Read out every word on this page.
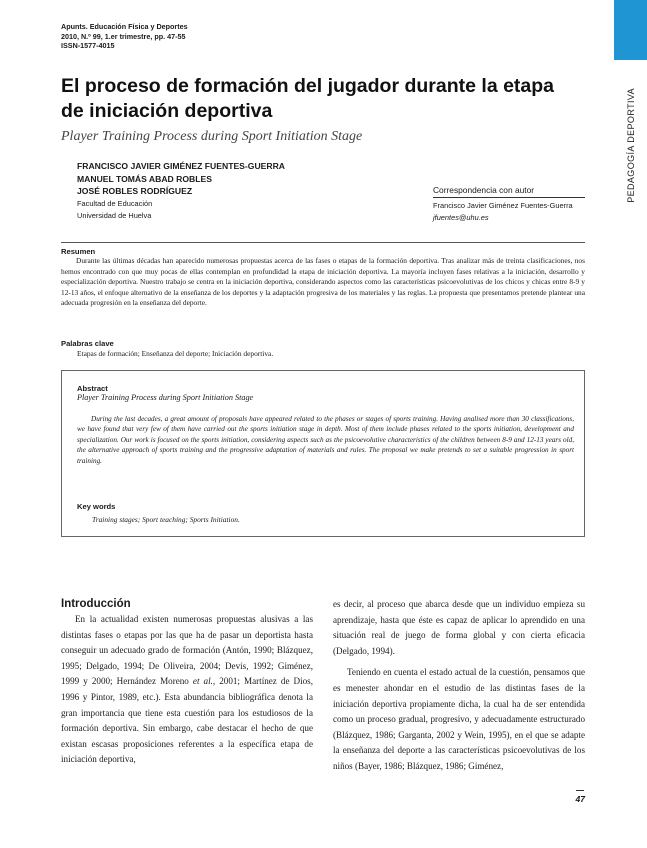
Apunts. Educación Física y Deportes
2010, N.º 99, 1.er trimestre, pp. 47-55
ISSN-1577-4015
PEDAGOGÍA DEPORTIVA
El proceso de formación del jugador durante la etapa de iniciación deportiva
Player Training Process during Sport Initiation Stage
FRANCISCO JAVIER GIMÉNEZ FUENTES-GUERRA
MANUEL TOMÁS ABAD ROBLES
JOSÉ ROBLES RODRÍGUEZ
Facultad de Educación
Universidad de Huelva
Correspondencia con autor
Francisco Javier Giménez Fuentes-Guerra
jfuentes@uhu.es
Resumen
Durante las últimas décadas han aparecido numerosas propuestas acerca de las fases o etapas de la formación deportiva. Tras analizar más de treinta clasificaciones, nos hemos encontrado con que muy pocas de ellas contemplan en profundidad la etapa de iniciación deportiva. La mayoría incluyen fases relativas a la iniciación, desarrollo y especialización deportiva. Nuestro trabajo se centra en la iniciación deportiva, considerando aspectos como las características psicoevolutivas de los chicos y chicas entre 8-9 y 12-13 años, el enfoque alternativo de la enseñanza de los deportes y la adaptación progresiva de los materiales y las reglas. La propuesta que presentamos pretende plantear una adecuada progresión en la enseñanza del deporte.
Palabras clave
Etapas de formación; Enseñanza del deporte; Iniciación deportiva.
Abstract
Player Training Process during Sport Initiation Stage
During the last decades, a great amount of proposals have appeared related to the phases or stages of sports training. Having analised more than 30 classifications, we have found that very few of them have carried out the sports initiation stage in depth. Most of them include phases related to the sports initiation, development and specialization. Our work is focused on the sports initiation, considering aspects such as the psicoevolutive characteristics of the children between 8-9 and 12-13 years old, the alternative approach of sports training and the progressive adaptation of materials and rules. The proposal we make pretends to set a suitable progression in sport training.
Key words
Training stages; Sport teaching; Sports Initiation.
Introducción

En la actualidad existen numerosas propuestas alusivas a las distintas fases o etapas por las que ha de pasar un deportista hasta conseguir un adecuado grado de formación (Antón, 1990; Blázquez, 1995; Delgado, 1994; De Oliveira, 2004; Devís, 1992; Giménez, 1999 y 2000; Hernández Moreno et al., 2001; Martínez de Dios, 1996 y Pintor, 1989, etc.). Esta abundancia bibliográfica denota la gran importancia que tiene esta cuestión para los estudiosos de la formación deportiva. Sin embargo, cabe destacar el hecho de que existan escasas proposiciones referentes a la específica etapa de iniciación deportiva,

es decir, al proceso que abarca desde que un individuo empieza su aprendizaje, hasta que éste es capaz de aplicar lo aprendido en una situación real de juego de forma global y con cierta eficacia (Delgado, 1994).

Teniendo en cuenta el estado actual de la cuestión, pensamos que es menester ahondar en el estudio de las distintas fases de la iniciación deportiva propiamente dicha, la cual ha de ser entendida como un proceso gradual, progresivo, y adecuadamente estructurado (Blázquez, 1986; Garganta, 2002 y Wein, 1995), en el que se adapte la enseñanza del deporte a las características psicoevolutivas de los niños (Bayer, 1986; Blázquez, 1986; Giménez,

47
